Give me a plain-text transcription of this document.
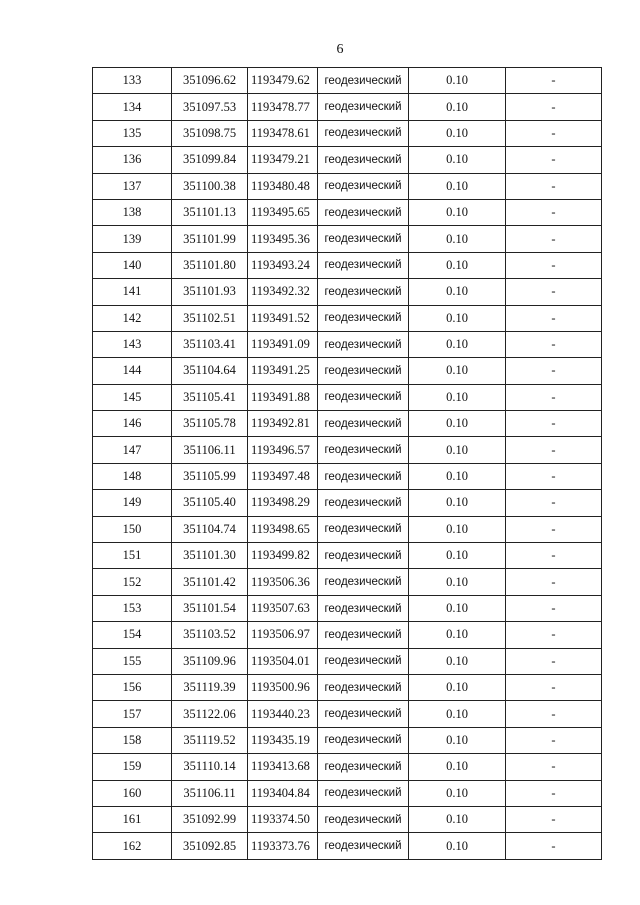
6
133	351096.62	1193479.62	геодезический	0.10	-
134	351097.53	1193478.77	геодезический	0.10	-
135	351098.75	1193478.61	геодезический	0.10	-
136	351099.84	1193479.21	геодезический	0.10	-
137	351100.38	1193480.48	геодезический	0.10	-
138	351101.13	1193495.65	геодезический	0.10	-
139	351101.99	1193495.36	геодезический	0.10	-
140	351101.80	1193493.24	геодезический	0.10	-
141	351101.93	1193492.32	геодезический	0.10	-
142	351102.51	1193491.52	геодезический	0.10	-
143	351103.41	1193491.09	геодезический	0.10	-
144	351104.64	1193491.25	геодезический	0.10	-
145	351105.41	1193491.88	геодезический	0.10	-
146	351105.78	1193492.81	геодезический	0.10	-
147	351106.11	1193496.57	геодезический	0.10	-
148	351105.99	1193497.48	геодезический	0.10	-
149	351105.40	1193498.29	геодезический	0.10	-
150	351104.74	1193498.65	геодезический	0.10	-
151	351101.30	1193499.82	геодезический	0.10	-
152	351101.42	1193506.36	геодезический	0.10	-
153	351101.54	1193507.63	геодезический	0.10	-
154	351103.52	1193506.97	геодезический	0.10	-
155	351109.96	1193504.01	геодезический	0.10	-
156	351119.39	1193500.96	геодезический	0.10	-
157	351122.06	1193440.23	геодезический	0.10	-
158	351119.52	1193435.19	геодезический	0.10	-
159	351110.14	1193413.68	геодезический	0.10	-
160	351106.11	1193404.84	геодезический	0.10	-
161	351092.99	1193374.50	геодезический	0.10	-
162	351092.85	1193373.76	геодезический	0.10	-
